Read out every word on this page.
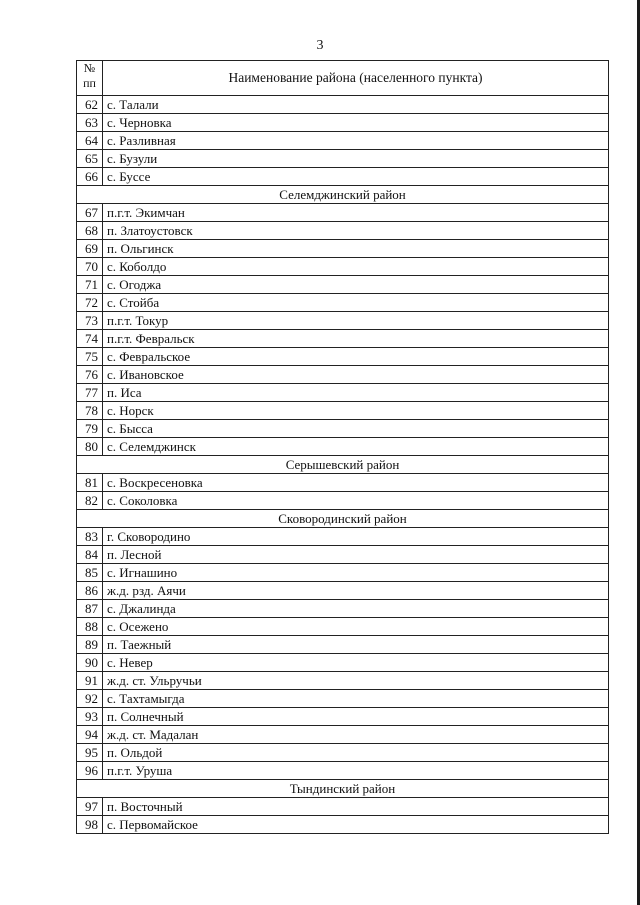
3
№
пп	Наименование района (населенного пункта)
62	с. Талали
63	с. Черновка
64	с. Разливная
65	с. Бузули
66	с. Буссе
Селемджинский район	
67	п.г.т. Экимчан
68	п. Златоустовск
69	п. Ольгинск
70	с. Коболдо
71	с. Огоджа
72	с. Стойба
73	п.г.т. Токур
74	п.г.т. Февральск
75	с. Февральское
76	с. Ивановское
77	п. Иса
78	с. Норск
79	с. Бысса
80	с. Селемджинск
Серышевский район	
81	с. Воскресеновка
82	с. Соколовка
Сковородинский район	
83	г. Сковородино
84	п. Лесной
85	с. Игнашино
86	ж.д. рзд. Аячи
87	с. Джалинда
88	с. Осежено
89	п. Таежный
90	с. Невер
91	ж.д. ст. Ульручьи
92	с. Тахтамыгда
93	п. Солнечный
94	ж.д. ст. Мадалан
95	п. Ольдой
96	п.г.т. Уруша
Тындинский район	
97	п. Восточный
98	с. Первомайское
